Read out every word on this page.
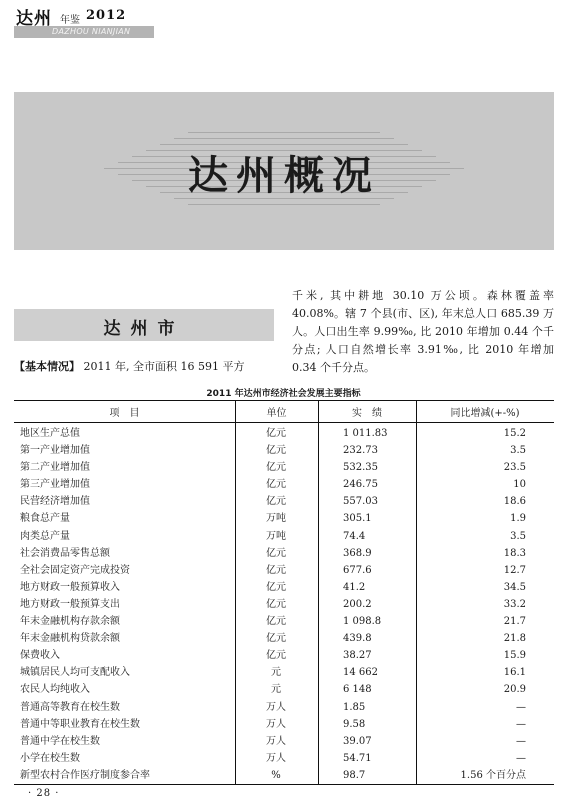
达州 年鉴 2012
DAZHOU NIANJIAN
达州概况
达州市
【基本情况】 2011 年, 全市面积 16 591 平方
千米, 其中耕地 30.10 万公顷。森林覆盖率 40.08%。辖 7 个县(市、区), 年末总人口 685.39 万人。人口出生率 9.99‰, 比 2010 年增加 0.44 个千分点; 人口自然增长率 3.91‰, 比 2010 年增加 0.34 个千分点。
2011 年达州市经济社会发展主要指标
项　目	单位	实　绩	同比增减(+-%)
地区生产总值	亿元	1 011.83	15.2
第一产业增加值	亿元	232.73	3.5
第二产业增加值	亿元	532.35	23.5
第三产业增加值	亿元	246.75	10
民营经济增加值	亿元	557.03	18.6
粮食总产量	万吨	305.1	1.9
肉类总产量	万吨	74.4	3.5
社会消费品零售总额	亿元	368.9	18.3
全社会固定资产完成投资	亿元	677.6	12.7
地方财政一般预算收入	亿元	41.2	34.5
地方财政一般预算支出	亿元	200.2	33.2
年末金融机构存款余额	亿元	1 098.8	21.7
年末金融机构贷款余额	亿元	439.8	21.8
保费收入	亿元	38.27	15.9
城镇居民人均可支配收入	元	14 662	16.1
农民人均纯收入	元	6 148	20.9
普通高等教育在校生数	万人	1.85	—
普通中等职业教育在校生数	万人	9.58	—
普通中学在校生数	万人	39.07	—
小学在校生数	万人	54.71	—
新型农村合作医疗制度参合率	%	98.7	1.56 个百分点
· 28 ·
